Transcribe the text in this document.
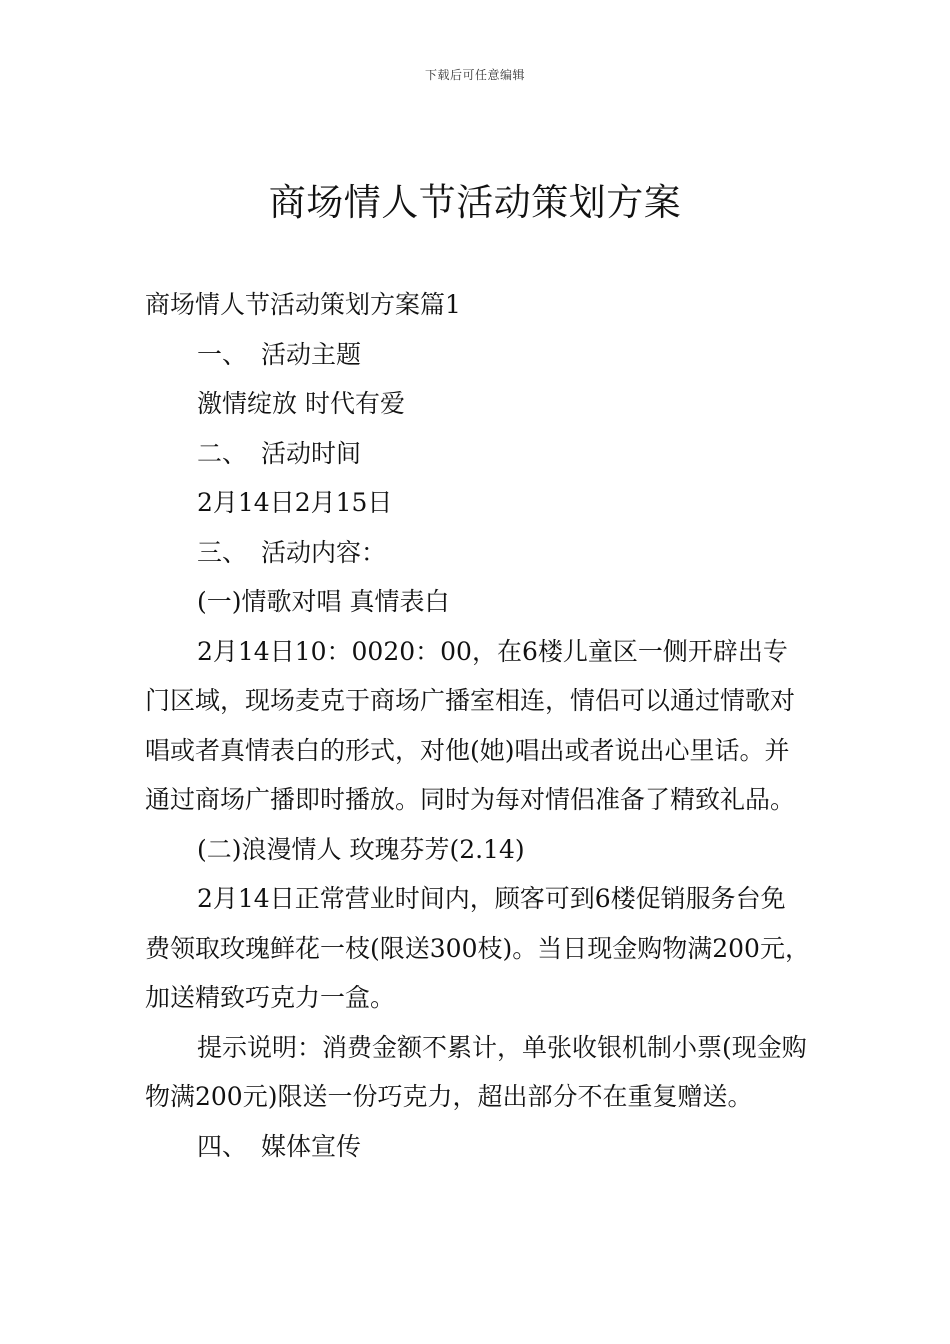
下载后可任意编辑
商场情人节活动策划方案

商场情人节活动策划方案篇1

一、 活动主题

激情绽放 时代有爱

二、 活动时间

2月14日2月15日

三、 活动内容：

(一)情歌对唱 真情表白

2月14日10：0020：00，在6楼儿童区一侧开辟出专门区域，现场麦克于商场广播室相连，情侣可以通过情歌对唱或者真情表白的形式，对他(她)唱出或者说出心里话。并通过商场广播即时播放。同时为每对情侣准备了精致礼品。

(二)浪漫情人 玫瑰芬芳(2.14)

2月14日正常营业时间内，顾客可到6楼促销服务台免费领取玫瑰鲜花一枝(限送300枝)。当日现金购物满200元，加送精致巧克力一盒。

提示说明：消费金额不累计，单张收银机制小票(现金购物满200元)限送一份巧克力，超出部分不在重复赠送。

四、 媒体宣传
